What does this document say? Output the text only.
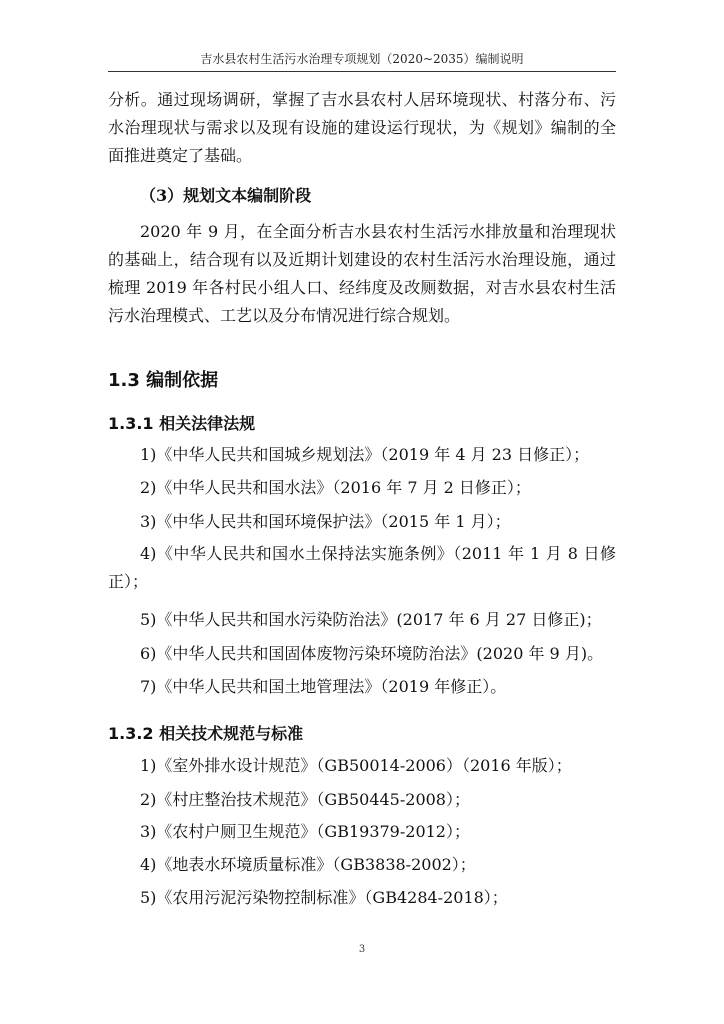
吉水县农村生活污水治理专项规划（2020~2035）编制说明

分析。通过现场调研，掌握了吉水县农村人居环境现状、村落分布、污水治理现状与需求以及现有设施的建设运行现状，为《规划》编制的全面推进奠定了基础。

（3）规划文本编制阶段

2020 年 9 月，在全面分析吉水县农村生活污水排放量和治理现状的基础上，结合现有以及近期计划建设的农村生活污水治理设施，通过梳理 2019 年各村民小组人口、经纬度及改厕数据，对吉水县农村生活污水治理模式、工艺以及分布情况进行综合规划。

1.3 编制依据
1.3.1 相关法律法规
1)《中华人民共和国城乡规划法》（2019 年 4 月 23 日修正）；
2)《中华人民共和国水法》（2016 年 7 月 2 日修正）；
3)《中华人民共和国环境保护法》（2015 年 1 月）；
4)《中华人民共和国水土保持法实施条例》（2011 年 1 月 8 日修正）；
5)《中华人民共和国水污染防治法》(2017 年 6 月 27 日修正)；
6)《中华人民共和国固体废物污染环境防治法》(2020 年 9 月)。
7)《中华人民共和国土地管理法》（2019 年修正）。
1.3.2 相关技术规范与标准
1)《室外排水设计规范》（GB50014-2006）（2016 年版）；
2)《村庄整治技术规范》（GB50445-2008）；
3)《农村户厕卫生规范》（GB19379-2012）；
4)《地表水环境质量标准》（GB3838-2002）；
5)《农用污泥污染物控制标准》（GB4284-2018）；
3
